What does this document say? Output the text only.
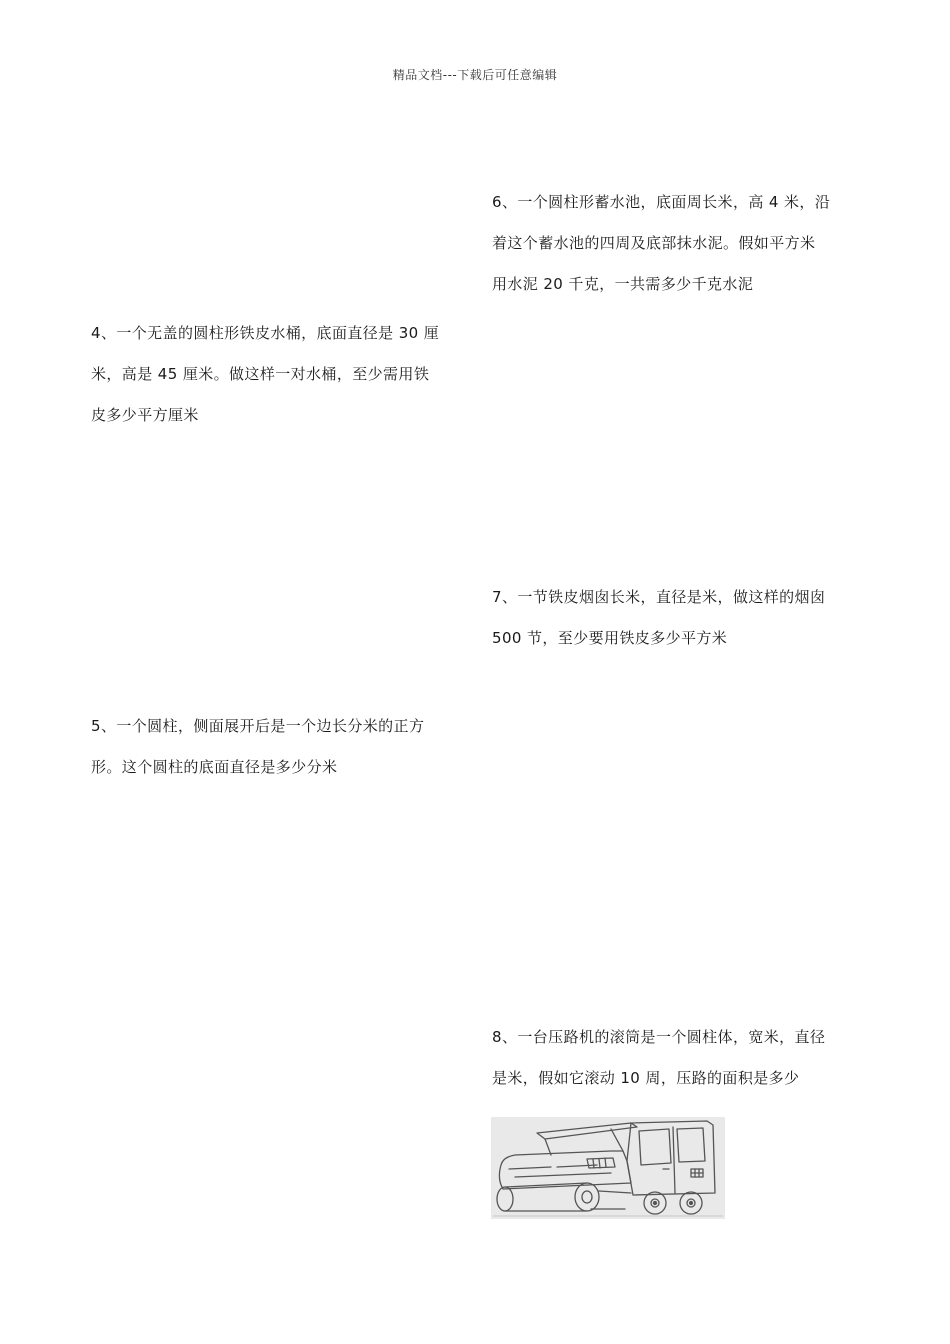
精品文档---下载后可任意编辑
6、一个圆柱形蓄水池，底面周长米，高 4 米，沿
着这个蓄水池的四周及底部抹水泥。假如平方米
用水泥 20 千克，一共需多少千克水泥
4、一个无盖的圆柱形铁皮水桶，底面直径是 30 厘
米，高是 45 厘米。做这样一对水桶，至少需用铁
皮多少平方厘米
7、一节铁皮烟囱长米，直径是米，做这样的烟囱
500 节，至少要用铁皮多少平方米
5、一个圆柱，侧面展开后是一个边长分米的正方
形。这个圆柱的底面直径是多少分米
8、一台压路机的滚筒是一个圆柱体，宽米，直径
是米，假如它滚动 10 周，压路的面积是多少
